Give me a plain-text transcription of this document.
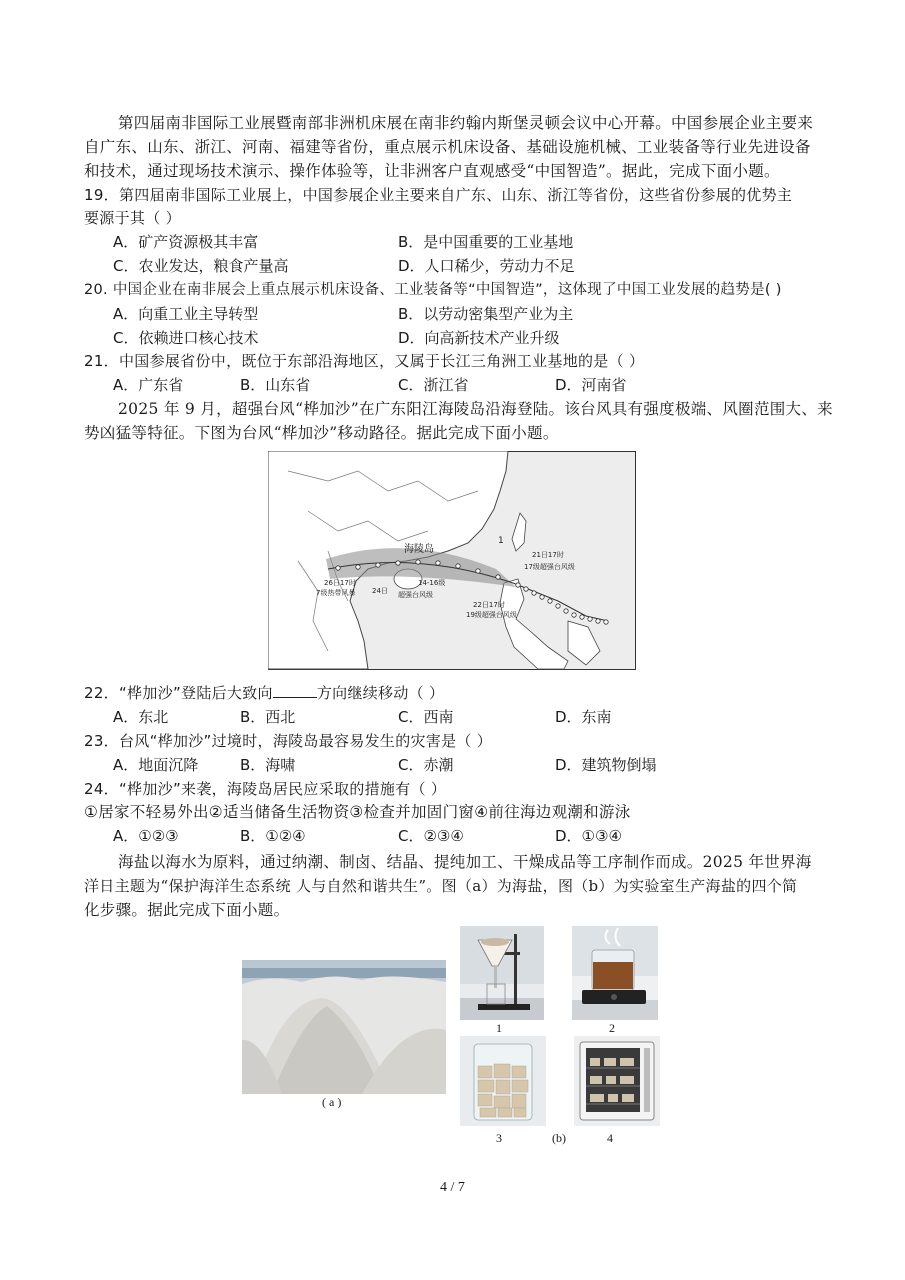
第四届南非国际工业展暨南部非洲机床展在南非约翰内斯堡灵顿会议中心开幕。中国参展企业主要来
自广东、山东、浙江、河南、福建等省份，重点展示机床设备、基础设施机械、工业装备等行业先进设备
和技术，通过现场技术演示、操作体验等，让非洲客户直观感受“中国智造”。据此，完成下面小题。
19．第四届南非国际工业展上，中国参展企业主要来自广东、山东、浙江等省份，这些省份参展的优势主
要源于其（ ）
A．矿产资源极其丰富	B．是中国重要的工业基地
C．农业发达，粮食产量高	D．人口稀少，劳动力不足
20. 中国企业在南非展会上重点展示机床设备、工业装备等“中国智造”，这体现了中国工业发展的趋势是( )
A．向重工业主导转型	B．以劳动密集型产业为主
C．依赖进口核心技术	D．向高新技术产业升级
21．中国参展省份中，既位于东部沿海地区，又属于长江三角洲工业基地的是（ ）
A．广东省	B．山东省	C．浙江省	D．河南省
2025 年 9 月，超强台风“桦加沙”在广东阳江海陵岛沿海登陆。该台风具有强度极端、风圈范围大、来
势凶猛等特征。下图为台风“桦加沙”移动路径。据此完成下面小题。
海陵岛	21日17时
17级超强台风级
22日17时
19级超强台风级
24日
14-16级
超强台风级
26日17时
7级热带风暴
1
22．“桦加沙”登陆后大致向	方向继续移动（ ）
A．东北	B．西北	C．西南	D．东南
23．台风“桦加沙”过境时，海陵岛最容易发生的灾害是（ ）
A．地面沉降	B．海啸	C．赤潮	D．建筑物倒塌
24．“桦加沙”来袭，海陵岛居民应采取的措施有（ ）
①居家不轻易外出②适当储备生活物资③检查并加固门窗④前往海边观潮和游泳
A．①②③	B．①②④	C．②③④	D．①③④
海盐以海水为原料，通过纳潮、制卤、结晶、提纯加工、干燥成品等工序制作而成。2025 年世界海
洋日主题为“保护海洋生态系统 人与自然和谐共生”。图（a）为海盐，图（b）为实验室生产海盐的四个简
化步骤。据此完成下面小题。
( a )
1	2
3	(b)	4
4 / 7
